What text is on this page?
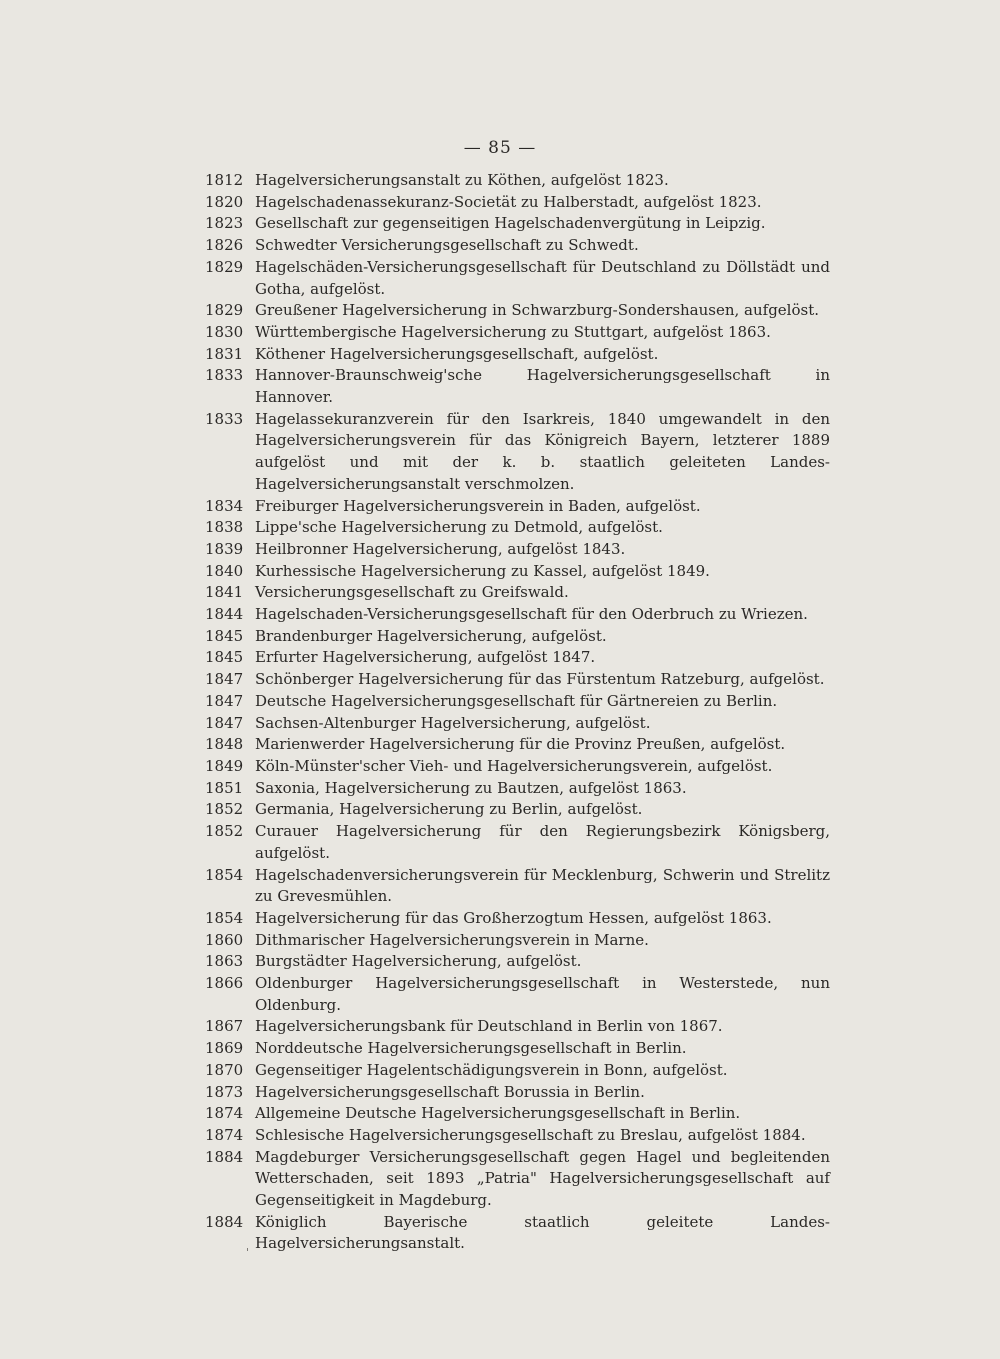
— 85 —
1812 Hagelversicherungsanstalt zu Köthen, aufgelöst 1823.
1820 Hagelschadenassekuranz-Societät zu Halberstadt, aufgelöst 1823.
1823 Gesellschaft zur gegenseitigen Hagelschadenvergütung in Leipzig.
1826 Schwedter Versicherungsgesellschaft zu Schwedt.
1829 Hagelschäden-Versicherungsgesellschaft für Deutschland zu Döllstädt und Gotha, aufgelöst.
1829 Greußener Hagelversicherung in Schwarzburg-Sondershausen, aufgelöst.
1830 Württembergische Hagelversicherung zu Stuttgart, aufgelöst 1863.
1831 Köthener Hagelversicherungsgesellschaft, aufgelöst.
1833 Hannover-Braunschweig'sche Hagelversicherungsgesellschaft in Hannover.
1833 Hagelassekuranzverein für den Isarkreis, 1840 umgewandelt in den Hagelversicherungsverein für das Königreich Bayern, letzterer 1889 aufgelöst und mit der k. b. staatlich geleiteten Landes-Hagelversicherungsanstalt verschmolzen.
1834 Freiburger Hagelversicherungsverein in Baden, aufgelöst.
1838 Lippe'sche Hagelversicherung zu Detmold, aufgelöst.
1839 Heilbronner Hagelversicherung, aufgelöst 1843.
1840 Kurhessische Hagelversicherung zu Kassel, aufgelöst 1849.
1841 Versicherungsgesellschaft zu Greifswald.
1844 Hagelschaden-Versicherungsgesellschaft für den Oderbruch zu Wriezen.
1845 Brandenburger Hagelversicherung, aufgelöst.
1845 Erfurter Hagelversicherung, aufgelöst 1847.
1847 Schönberger Hagelversicherung für das Fürstentum Ratzeburg, aufgelöst.
1847 Deutsche Hagelversicherungsgesellschaft für Gärtnereien zu Berlin.
1847 Sachsen-Altenburger Hagelversicherung, aufgelöst.
1848 Marienwerder Hagelversicherung für die Provinz Preußen, aufgelöst.
1849 Köln-Münster'scher Vieh- und Hagelversicherungsverein, aufgelöst.
1851 Saxonia, Hagelversicherung zu Bautzen, aufgelöst 1863.
1852 Germania, Hagelversicherung zu Berlin, aufgelöst.
1852 Curauer Hagelversicherung für den Regierungsbezirk Königsberg, aufgelöst.
1854 Hagelschadenversicherungsverein für Mecklenburg, Schwerin und Strelitz zu Grevesmühlen.
1854 Hagelversicherung für das Großherzogtum Hessen, aufgelöst 1863.
1860 Dithmarischer Hagelversicherungsverein in Marne.
1863 Burgstädter Hagelversicherung, aufgelöst.
1866 Oldenburger Hagelversicherungsgesellschaft in Westerstede, nun Oldenburg.
1867 Hagelversicherungsbank für Deutschland in Berlin von 1867.
1869 Norddeutsche Hagelversicherungsgesellschaft in Berlin.
1870 Gegenseitiger Hagelentschädigungsverein in Bonn, aufgelöst.
1873 Hagelversicherungsgesellschaft Borussia in Berlin.
1874 Allgemeine Deutsche Hagelversicherungsgesellschaft in Berlin.
1874 Schlesische Hagelversicherungsgesellschaft zu Breslau, aufgelöst 1884.
1884 Magdeburger Versicherungsgesellschaft gegen Hagel und begleitenden Wetterschaden, seit 1893 „Patria" Hagelversicherungsgesellschaft auf Gegenseitigkeit in Magdeburg.
1884 Königlich Bayerische staatlich geleitete Landes-Hagelversicherungsanstalt.
'
